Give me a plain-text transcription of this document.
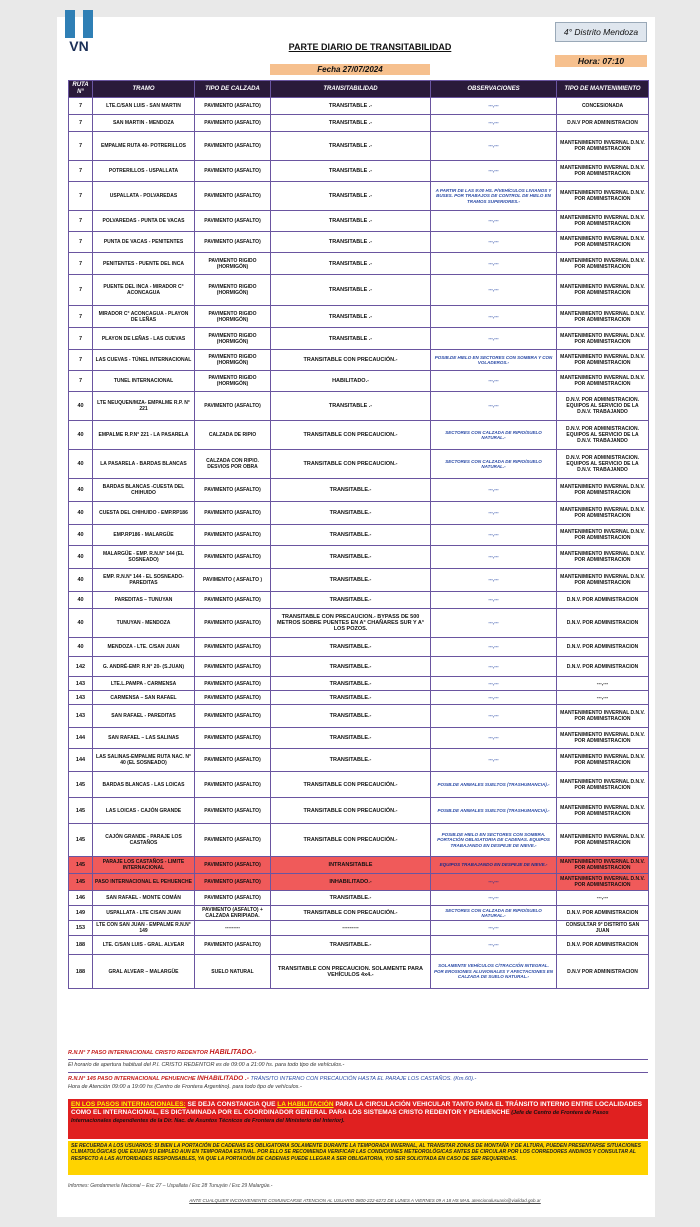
VN
4° Distrito Mendoza
PARTE DIARIO DE TRANSITABILIDAD
Fecha 27/07/2024
Hora: 07:10
RUTA N°	TRAMO	TIPO DE CALZADA	TRANSITABILIDAD	OBSERVACIONES	TIPO DE MANTENIMIENTO
7	LTE.C/SAN LUIS - SAN MARTIN	PAVIMENTO (ASFALTO)	TRANSITABLE .-	---,---	CONCESIONADA
7	SAN MARTIN - MENDOZA	PAVIMENTO (ASFALTO)	TRANSITABLE .-	---,---	D.N.V POR ADMINISTRACION
7	EMPALME RUTA 40- POTRERILLOS	PAVIMENTO (ASFALTO)	TRANSITABLE .-	---,---	MANTENIMIENTO INVERNAL D.N.V. POR ADMINISTRACION
7	POTRERILLOS - USPALLATA	PAVIMENTO (ASFALTO)	TRANSITABLE .-	---,---	MANTENIMIENTO INVERNAL D.N.V. POR ADMINISTRACION
7	USPALLATA - POLVAREDAS	PAVIMENTO (ASFALTO)	TRANSITABLE .-	A PARTIR DE LAS 9:00 HS. P/VEHÍCULOS LIVIANOS Y BUSES. POR TRABAJOS DE CONTROL DE HIELO EN TRAMOS SUPERIORES.-	MANTENIMIENTO INVERNAL D.N.V. POR ADMINISTRACION
7	POLVAREDAS - PUNTA DE VACAS	PAVIMENTO (ASFALTO)	TRANSITABLE .-	---,---	MANTENIMIENTO INVERNAL D.N.V. POR ADMINISTRACION
7	PUNTA DE VACAS - PENITENTES	PAVIMENTO (ASFALTO)	TRANSITABLE .-	---,---	MANTENIMIENTO INVERNAL D.N.V. POR ADMINISTRACION
7	PENITENTES - PUENTE DEL INCA	PAVIMENTO RIGIDO (HORMIGÓN)	TRANSITABLE .-	---,---	MANTENIMIENTO INVERNAL D.N.V. POR ADMINISTRACION
7	PUENTE DEL INCA - MIRADOR C° ACONCAGUA	PAVIMENTO RIGIDO (HORMIGÓN)	TRANSITABLE .-	---,---	MANTENIMIENTO INVERNAL D.N.V. POR ADMINISTRACION
7	MIRADOR C° ACONCAGUA - PLAYON DE LEÑAS	PAVIMENTO RIGIDO (HORMIGÓN)	TRANSITABLE .-	---,---	MANTENIMIENTO INVERNAL D.N.V. POR ADMINISTRACION
7	PLAYON DE LEÑAS - LAS CUEVAS	PAVIMENTO RIGIDO (HORMIGÓN)	TRANSITABLE .-	---,---	MANTENIMIENTO INVERNAL D.N.V. POR ADMINISTRACION
7	LAS CUEVAS - TÚNEL INTERNACIONAL	PAVIMENTO RIGIDO (HORMIGÓN)	TRANSITABLE CON PRECAUCIÓN.-	POSIB.DE HIELO EN SECTORES CON SOMBRA Y CON VOLADEROS.-	MANTENIMIENTO INVERNAL D.N.V. POR ADMINISTRACION
7	TUNEL INTERNACIONAL	PAVIMENTO RIGIDO (HORMIGÓN)	HABILITADO.-	---,---	MANTENIMIENTO INVERNAL D.N.V. POR ADMINISTRACION
40	LTE NEUQUEN/MZA- EMPALME R.P. N° 221	PAVIMENTO (ASFALTO)	TRANSITABLE .-	---,---	D.N.V. POR ADMINISTRACION. EQUIPOS AL SERVICIO DE LA D.N.V. TRABAJANDO
40	EMPALME R.P.N° 221 - LA PASARELA	CALZADA DE RIPIO	TRANSITABLE CON PRECAUCION.-	SECTORES CON CALZADA DE RIPIO/SUELO NATURAL.-	D.N.V. POR ADMINISTRACION. EQUIPOS AL SERVICIO DE LA D.N.V. TRABAJANDO
40	LA PASARELA - BARDAS BLANCAS	CALZADA CON RIPIO. DESVIOS POR OBRA	TRANSITABLE CON PRECAUCION.-	SECTORES CON CALZADA DE RIPIO/SUELO NATURAL.-	D.N.V. POR ADMINISTRACION. EQUIPOS AL SERVICIO DE LA D.N.V. TRABAJANDO
40	BARDAS BLANCAS -CUESTA DEL CHIHUIDO	PAVIMENTO (ASFALTO)	TRANSITABLE.-	---,---	MANTENIMIENTO INVERNAL D.N.V. POR ADMINISTRACION
40	CUESTA DEL CHIHUIDO - EMP.RP186	PAVIMENTO (ASFALTO)	TRANSITABLE.-	---,---	MANTENIMIENTO INVERNAL D.N.V. POR ADMINISTRACION
40	EMP.RP186 - MALARGÜE	PAVIMENTO (ASFALTO)	TRANSITABLE.-	---,---	MANTENIMIENTO INVERNAL D.N.V. POR ADMINISTRACION
40	MALARGÜE - EMP. R.N.N° 144 (EL SOSNEADO)	PAVIMENTO (ASFALTO)	TRANSITABLE.-	---,---	MANTENIMIENTO INVERNAL D.N.V. POR ADMINISTRACION
40	EMP. R.N.N° 144 - EL SOSNEADO- PAREDITAS	PAVIMENTO ( ASFALTO )	TRANSITABLE.-	---,---	MANTENIMIENTO INVERNAL D.N.V. POR ADMINISTRACION
40	PAREDITAS – TUNUYAN	PAVIMENTO (ASFALTO)	TRANSITABLE.-	---,---	D.N.V. POR ADMINISTRACION
40	TUNUYAN - MENDOZA	PAVIMENTO (ASFALTO)	TRANSITABLE CON PRECAUCION.- BYPASS DE 500 METROS SOBRE PUENTES EN A° CHAÑARES SUR Y A° LOS POZOS.	---,---	D.N.V. POR ADMINISTRACION
40	MENDOZA - LTE. C/SAN JUAN	PAVIMENTO (ASFALTO)	TRANSITABLE.-	---,---	D.N.V. POR ADMINISTRACION
142	G. ANDRÉ-EMP. R.N° 20- (S.JUAN)	PAVIMENTO (ASFALTO)	TRANSITABLE.-	---,---	D.N.V. POR ADMINISTRACION
143	LTE.L.PAMPA - CARMENSA	PAVIMENTO (ASFALTO)	TRANSITABLE.-	---,---	---,---
143	CARMENSA – SAN RAFAEL	PAVIMENTO (ASFALTO)	TRANSITABLE.-	---,---	---,---
143	SAN RAFAEL - PAREDITAS	PAVIMENTO (ASFALTO)	TRANSITABLE.-	---,---	MANTENIMIENTO INVERNAL D.N.V. POR ADMINISTRACION
144	SAN RAFAEL – LAS SALINAS	PAVIMENTO (ASFALTO)	TRANSITABLE.-	---,---	MANTENIMIENTO INVERNAL D.N.V. POR ADMINISTRACION
144	LAS SALINAS-EMPALME RUTA NAC. N° 40 (EL SOSNEADO)	PAVIMENTO (ASFALTO)	TRANSITABLE.-	---,---	MANTENIMIENTO INVERNAL D.N.V. POR ADMINISTRACION
145	BARDAS BLANCAS - LAS LOICAS	PAVIMENTO (ASFALTO)	TRANSITABLE CON PRECAUCIÓN.-	POSIB.DE ANIMALES SUELTOS (TRASHUMANCIA).-	MANTENIMIENTO INVERNAL D.N.V. POR ADMINISTRACION
145	LAS LOICAS - CAJÓN GRANDE	PAVIMENTO (ASFALTO)	TRANSITABLE CON PRECAUCIÓN.-	POSIB.DE ANIMALES SUELTOS (TRASHUMANCIA).-	MANTENIMIENTO INVERNAL D.N.V. POR ADMINISTRACION
145	CAJÓN GRANDE - PARAJE LOS CASTAÑOS	PAVIMENTO (ASFALTO)	TRANSITABLE CON PRECAUCIÓN.-	POSIB.DE HIELO EN SECTORES CON SOMBRA. PORTACIÓN OBLIGATORIA DE CADENAS. EQUIPOS TRABAJANDO EN DESPEJE DE NIEVE.-	MANTENIMIENTO INVERNAL D.N.V. POR ADMINISTRACION
145	PARAJE LOS CASTAÑOS - LIMITE INTERNACIONAL	PAVIMENTO (ASFALTO)	INTRANSITABLE	EQUIPOS TRABAJANDO EN DESPEJE DE NIEVE.-	MANTENIMIENTO INVERNAL D.N.V. POR ADMINISTRACION
145	PASO INTERNACIONAL EL PEHUENCHE	PAVIMENTO (ASFALTO)	INHABILITADO.-	---,---	MANTENIMIENTO INVERNAL D.N.V. POR ADMINISTRACION
146	SAN RAFAEL - MONTE COMÁN	PAVIMENTO (ASFALTO)	TRANSITABLE.-	---,---	---,---
149	USPALLATA - LTE C/SAN JUAN	PAVIMENTO (ASFALTO) + CALZADA ENRIPIADA.	TRANSITABLE CON PRECAUCIÓN.-	SECTORES CON CALZADA DE RIPIO/SUELO NATURAL.-	D.N.V. POR ADMINISTRACION
153	LTE CON SAN JUAN - EMPALME R.N.N° 149	---------	---------	---,---	CONSULTAR 9° DISTRITO SAN JUAN
188	LTE. C/SAN LUIS - GRAL. ALVEAR	PAVIMENTO (ASFALTO)	TRANSITABLE.-	---,---	D.N.V. POR ADMINISTRACION
188	GRAL ALVEAR – MALARGÜE	SUELO NATURAL	TRANSITABLE CON PRECAUCION. SOLAMENTE PARA VEHÍCULOS 4x4.-	SOLAMENTE VEHÍCULOS C/TRACCIÓN INTEGRAL. POR EROSIONES ALUVIONALES Y AFECTACIONES EN CALZADA DE SUELO NATURAL.-	D.N.V POR ADMINISTRACION
R.N.N° 7 PASO INTERNACIONAL CRISTO REDENTOR HABILITADO.-
El horario de apertura habitual del P.I. CRISTO REDENTOR es de 09:00 a 21:00 hs. para todo tipo de vehículos.-
R.N.N° 145 PASO INTERNACIONAL PEHUENCHE INHABILITADO .- TRÁNSITO INTERNO CON PRECAUCIÓN HASTA EL PARAJE LOS CASTAÑOS. (Km.60).-
Hora de Atención 09:00 a 19:00 hs (Centro de Frontera Argentino). para todo tipo de vehículos.-
EN LOS PASOS INTERNACIONALES: SE DEJA CONSTANCIA QUE LA HABILITACIÓN PARA LA CIRCULACIÓN VEHICULAR TANTO PARA EL TRÁNSITO INTERNO ENTRE LOCALIDADES COMO EL INTERNACIONAL, ES DICTAMINADA POR EL COORDINADOR GENERAL PARA LOS SISTEMAS CRISTO REDENTOR Y PEHUENCHE (Jefe de Centro de Frontera de Pasos Internacionales dependientes de la Dir. Nac. de Asuntos Técnicos de Frontera del Ministerio del Interior).
SE RECUERDA A LOS USUARIOS: SI BIEN LA PORTACIÓN DE CADENAS ES OBLIGATORIA SOLAMENTE DURANTE LA TEMPORADA INVERNAL, AL TRANSITAR ZONAS DE MONTAÑA Y DE ALTURA, PUEDEN PRESENTARSE SITUACIONES CLIMATOLÓGICAS QUE EXIJAN SU EMPLEO AUN EN TEMPORADA ESTIVAL. POR ELLO SE RECOMIENDA VERIFICAR LAS CONDICIONES METEOROLÓGICAS ANTES DE CIRCULAR POR LOS CORREDORES ANDINOS Y CONSULTAR AL RESPECTO A LAS AUTORIDADES RESPONSABLES, YA QUE LA PORTACIÓN DE CADENAS PUEDE LLEGAR A SER OBLIGATORIA, Y/O SER SOLICITADA EN CASO DE SER REQUERIDAS.
Informes: Gendarmería Nacional – Esc 27 – Uspallata / Esc 28 Tunuyán / Esc 29 Malargüe.-
ANTE CUALQUIER INCONVENIENTE COMUNICARSE ATENCION AL USUARIO 0800-222-6272 DE LUNES A VIERNES 09 A 18 HS MAIL atencionalusuario@vialidad.gob.ar
